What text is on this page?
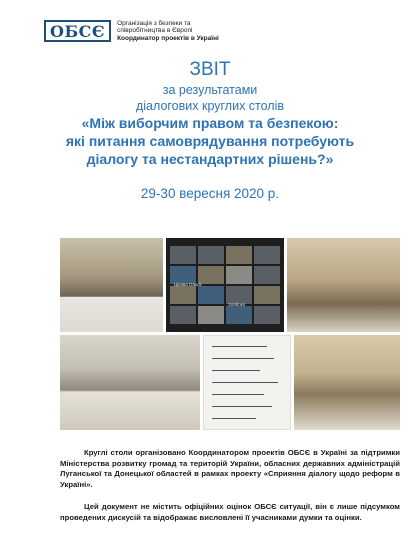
ОБСЄ	Організація з безпеки та
співробітництва в Європі
Координатор проектів в Україні
ЗВІТ
за результатами
діалогових круглих столів
«Між виборчим правом та безпекою:
які питання самоврядування потребують
діалогу та нестандартних рішень?»
29-30 вересня 2020 р.
Цікава Ольга
Зоябоко

Круглі столи організовано Координатором проектів ОБСЄ в Україні за підтримки Міністерства розвитку громад та територій України, обласних державних адміністрацій Луганської та Донецької областей в рамках проекту «Сприяння діалогу щодо реформ в Україні».

Цей документ не містить офіційних оцінок ОБСЄ ситуації, він є лише підсумком проведених дискусій та відображає висловлені її учасниками думки та оцінки.
